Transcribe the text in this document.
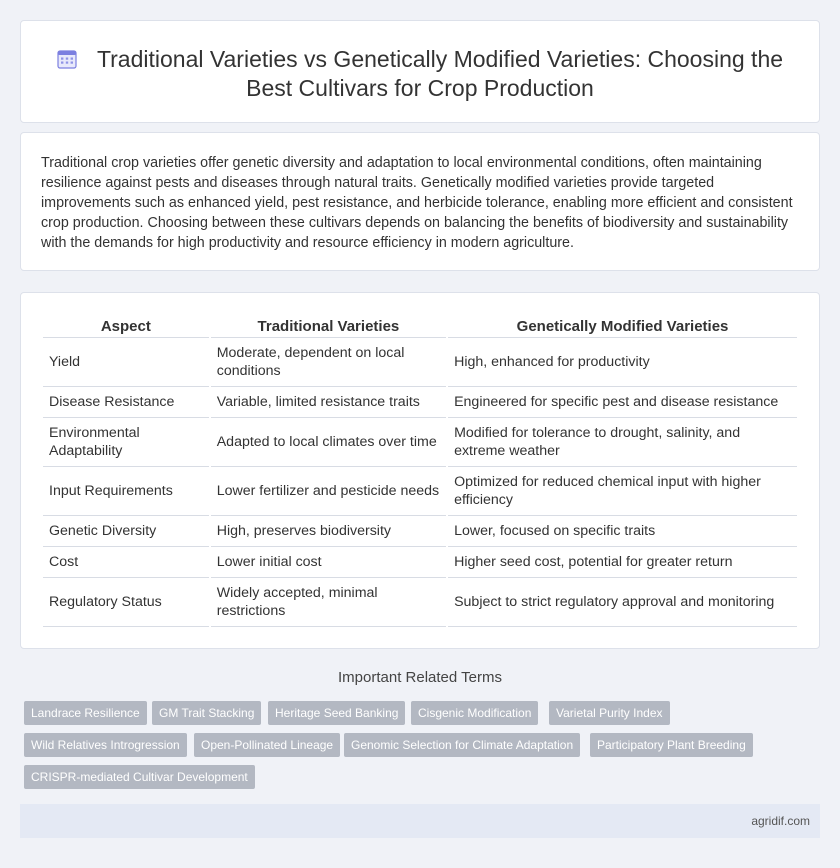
Traditional Varieties vs Genetically Modified Varieties: Choosing the Best Cultivars for Crop Production

Traditional crop varieties offer genetic diversity and adaptation to local environmental conditions, often maintaining resilience against pests and diseases through natural traits. Genetically modified varieties provide targeted improvements such as enhanced yield, pest resistance, and herbicide tolerance, enabling more efficient and consistent crop production. Choosing between these cultivars depends on balancing the benefits of biodiversity and sustainability with the demands for high productivity and resource efficiency in modern agriculture.

Aspect	Traditional Varieties	Genetically Modified Varieties
Yield	Moderate, dependent on local conditions	High, enhanced for productivity
Disease Resistance	Variable, limited resistance traits	Engineered for specific pest and disease resistance
Environmental Adaptability	Adapted to local climates over time	Modified for tolerance to drought, salinity, and extreme weather
Input Requirements	Lower fertilizer and pesticide needs	Optimized for reduced chemical input with higher efficiency
Genetic Diversity	High, preserves biodiversity	Lower, focused on specific traits
Cost	Lower initial cost	Higher seed cost, potential for greater return
Regulatory Status	Widely accepted, minimal restrictions	Subject to strict regulatory approval and monitoring
Important Related Terms
Landrace Resilience	GM Trait Stacking	Heritage Seed Banking	Cisgenic Modification	Varietal Purity Index
Wild Relatives Introgression	Open-Pollinated Lineage	Genomic Selection for Climate Adaptation	Participatory Plant Breeding
CRISPR-mediated Cultivar Development
agridif.com
